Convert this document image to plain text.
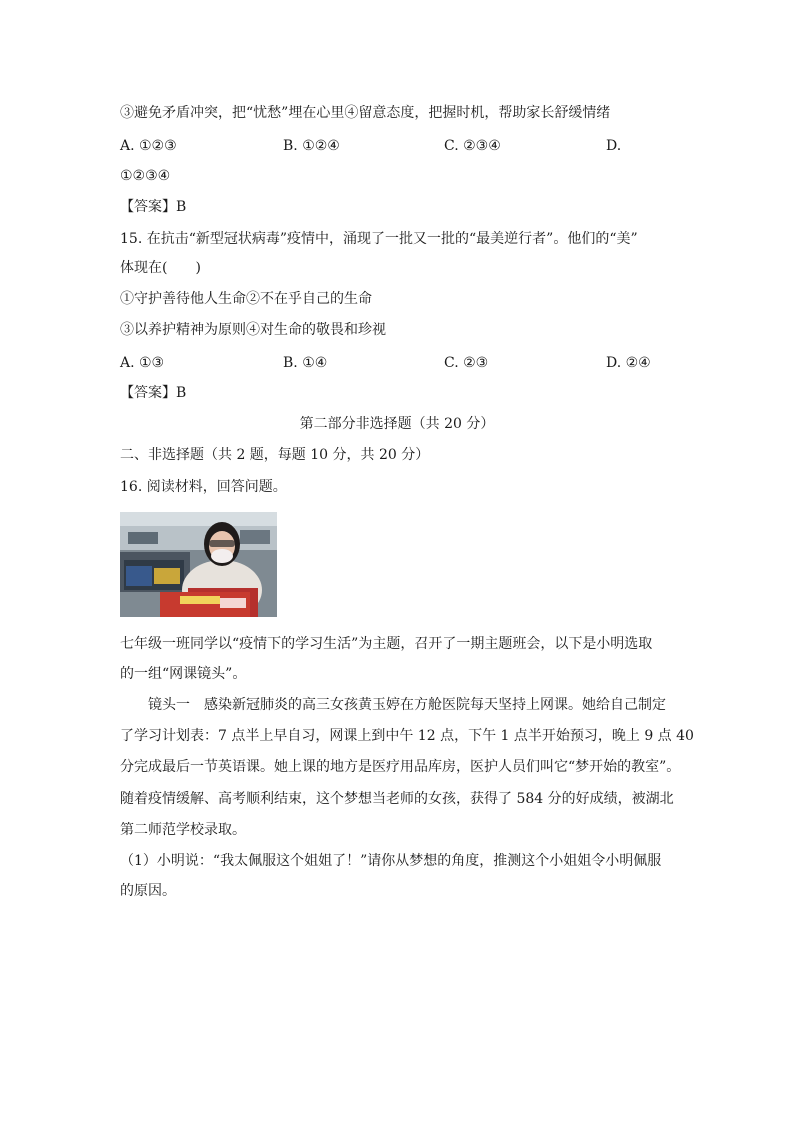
③避免矛盾冲突，把“忧愁”埋在心里④留意态度，把握时机，帮助家长舒缓情绪
A. ①②③	B. ①②④	C. ②③④	D.
①②③④
【答案】B
15. 在抗击“新型冠状病毒”疫情中，涌现了一批又一批的“最美逆行者”。他们的“美”
体现在(　　)
①守护善待他人生命②不在乎自己的生命
③以养护精神为原则④对生命的敬畏和珍视
A. ①③	B. ①④	C. ②③	D. ②④
【答案】B
第二部分非选择题（共 20 分）
二、非选择题（共 2 题，每题 10 分，共 20 分）
16. 阅读材料，回答问题。
七年级一班同学以“疫情下的学习生活”为主题，召开了一期主题班会，以下是小明选取
的一组“网课镜头”。
镜头一　感染新冠肺炎的高三女孩黄玉婷在方舱医院每天坚持上网课。她给自己制定
了学习计划表：7 点半上早自习，网课上到中午 12 点，下午 1 点半开始预习，晚上 9 点 40
分完成最后一节英语课。她上课的地方是医疗用品库房，医护人员们叫它“梦开始的教室”。
随着疫情缓解、高考顺利结束，这个梦想当老师的女孩，获得了 584 分的好成绩，被湖北
第二师范学校录取。
（1）小明说：“我太佩服这个姐姐了！”请你从梦想的角度，推测这个小姐姐令小明佩服
的原因。
